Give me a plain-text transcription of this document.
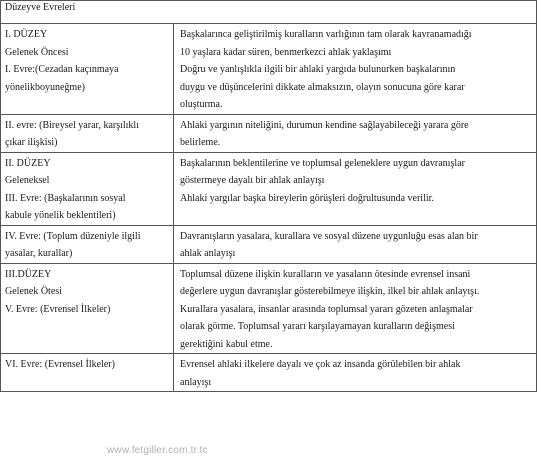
Düzeyve Evreleri
I. DÜZEY
Gelenek Öncesi
I. Evre:(Cezadan kaçınmaya
yönelikboyuneğme)

Başkalarınca geliştirilmiş kuralların varlığının tam olarak kavranamadığı
10 yaşlara kadar süren, benmerkezci ahlak yaklaşımı
Doğru ve yanlışlıkla ilgili bir ahlaki yargıda bulunurken başkalarının
duygu ve düşüncelerini dikkate almaksızın, olayın sonucuna göre karar
oluşturma.
II. evre: (Bireysel yarar, karşılıklı
çıkar ilişkisi)
Ahlaki yargının niteliğini, durumun kendine sağlayabileceği yarara göre
belirleme.
II. DÜZEY
Geleneksel
III. Evre: (Başkalarının sosyal
kabule yönelik beklentileri)
Başkalarının beklentilerine ve toplumsal geleneklere uygun davranışlar
göstermeye dayalı bir ahlak anlayışı
Ahlaki yargılar başka bireylerin görüşleri doğrultusunda verilir.

IV. Evre: (Toplum düzeniyle ilgili
yasalar, kurallar)
Davranışların yasalara, kurallara ve sosyal düzene uygunluğu esas alan bir
ahlak anlayışı
III.DÜZEY
Gelenek Ötesi
V. Evre: (Evrensel İlkeler)

Toplumsal düzene ilişkin kuralların ve yasaların ötesinde evrensel insani
değerlere uygun davranışlar gösterebilmeye ilişkin, ilkel bir ahlak anlayışı.
Kurallara yasalara, insanlar arasında toplumsal yararı gözeten anlaşmalar
olarak görme. Toplumsal yararı karşılayamayan kuralların değişmesi
gerektiğini kabul etme.
VI. Evre: (Evrensel İlkeler)
	Evrensel ahlaki ilkelere dayalı ve çok az insanda görülebilen bir ahlak
anlayışı
www.fetgiller.com.tr.tc
